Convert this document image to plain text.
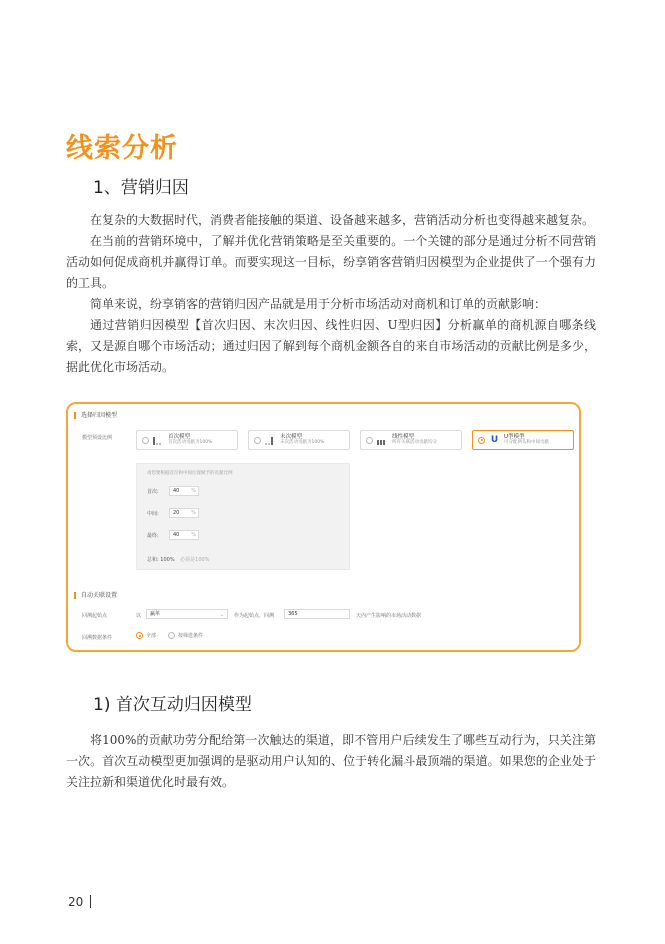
线索分析
1、营销归因

在复杂的大数据时代，消费者能接触的渠道、设备越来越多，营销活动分析也变得越来越复杂。

在当前的营销环境中，了解并优化营销策略是至关重要的。一个关键的部分是通过分析不同营销活动如何促成商机并赢得订单。而要实现这一目标，纷享销客营销归因模型为企业提供了一个强有力的工具。

简单来说，纷享销客的营销归因产品就是用于分析市场活动对商机和订单的贡献影响：

通过营销归因模型【首次归因、末次归因、线性归因、U型归因】分析赢单的商机源自哪条线索，又是源自哪个市场活动；通过归因了解到每个商机金额各自的来自市场活动的贡献比例是多少，据此优化市场活动。

选择归因模型
模型预设比例	首次模型
首次活动贡献为100%
末次模型
末次活动贡献为100%
线性模型
所有关联活动贡献均分	U	U型模型
可分配两头和中间贡献
请您要根据首位和中间位置赋予的贡献比例
首次:	40 %
中间:	20 %
最终:	40 %
总和: 100% 必须是100%
自动关联设置
回溯起始点	以	赢单	⌄ 作为起始点，回溯	365	天内产生影响的市场活动数据
回溯数据条件	全部	按筛选条件
1) 首次互动归因模型

将100%的贡献功劳分配给第一次触达的渠道，即不管用户后续发生了哪些互动行为，只关注第一次。首次互动模型更加强调的是驱动用户认知的、位于转化漏斗最顶端的渠道。如果您的企业处于关注拉新和渠道优化时最有效。

20
